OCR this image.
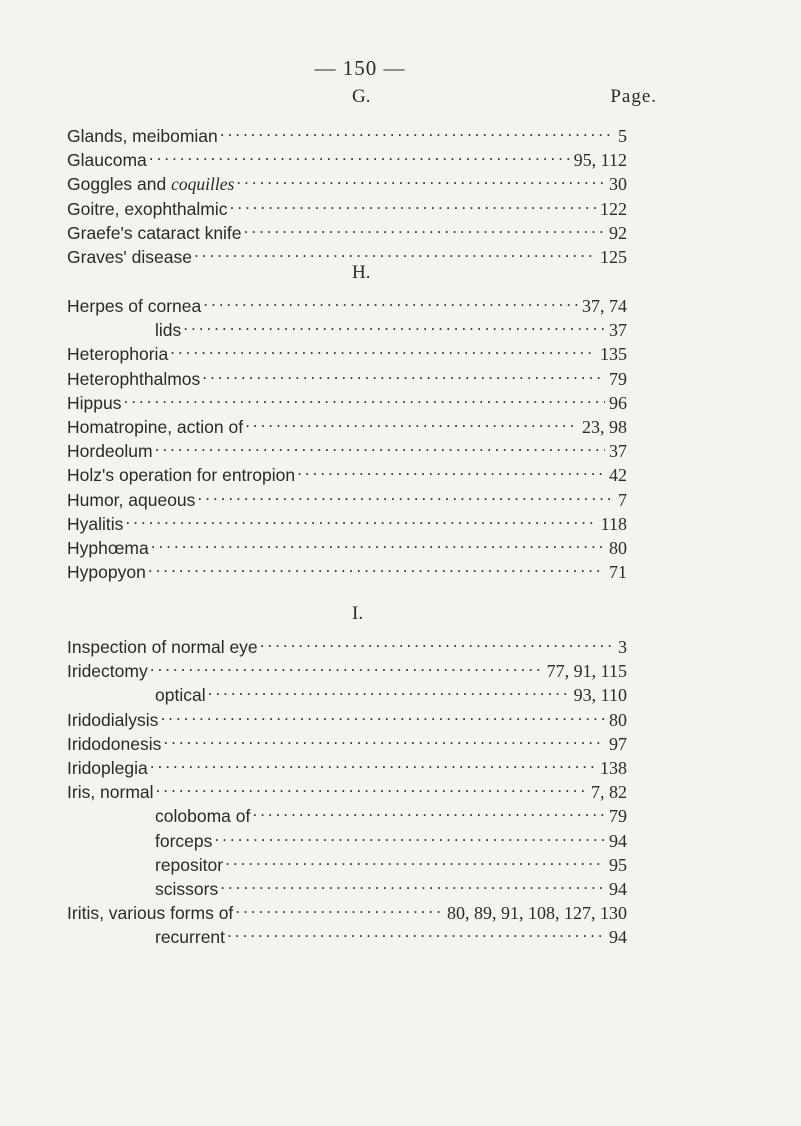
— 150 —
G.	Page.
Glands, meibomian . . .	5
Glaucoma . . .	95, 112
Goggles and coquilles . . .	30
Goitre, exophthalmic . . .	122
Graefe's cataract knife . . .	92
Graves' disease . . .	125
H.
Herpes of cornea . . .	37, 74
lids . . .	37
Heterophoria . . .	135
Heterophthalmos . . .	79
Hippus . . .	96
Homatropine, action of . . .	23, 98
Hordeolum . . .	37
Holz's operation for entropion . . .	42
Humor, aqueous . . .	7
Hyalitis . . .	118
Hyphœma . . .	80
Hypopyon . . .	71
I.
Inspection of normal eye . . .	3
Iridectomy . . .	77, 91, 115
optical . . .	93, 110
Iridodialysis . . .	80
Iridodonesis . . .	97
Iridoplegia . . .	138
Iris, normal . . .	7, 82
coloboma of . . .	79
forceps . . .	94
repositor . . .	95
scissors . . .	94
Iritis, various forms of . . .	80, 89, 91, 108, 127, 130
recurrent . . .	94
